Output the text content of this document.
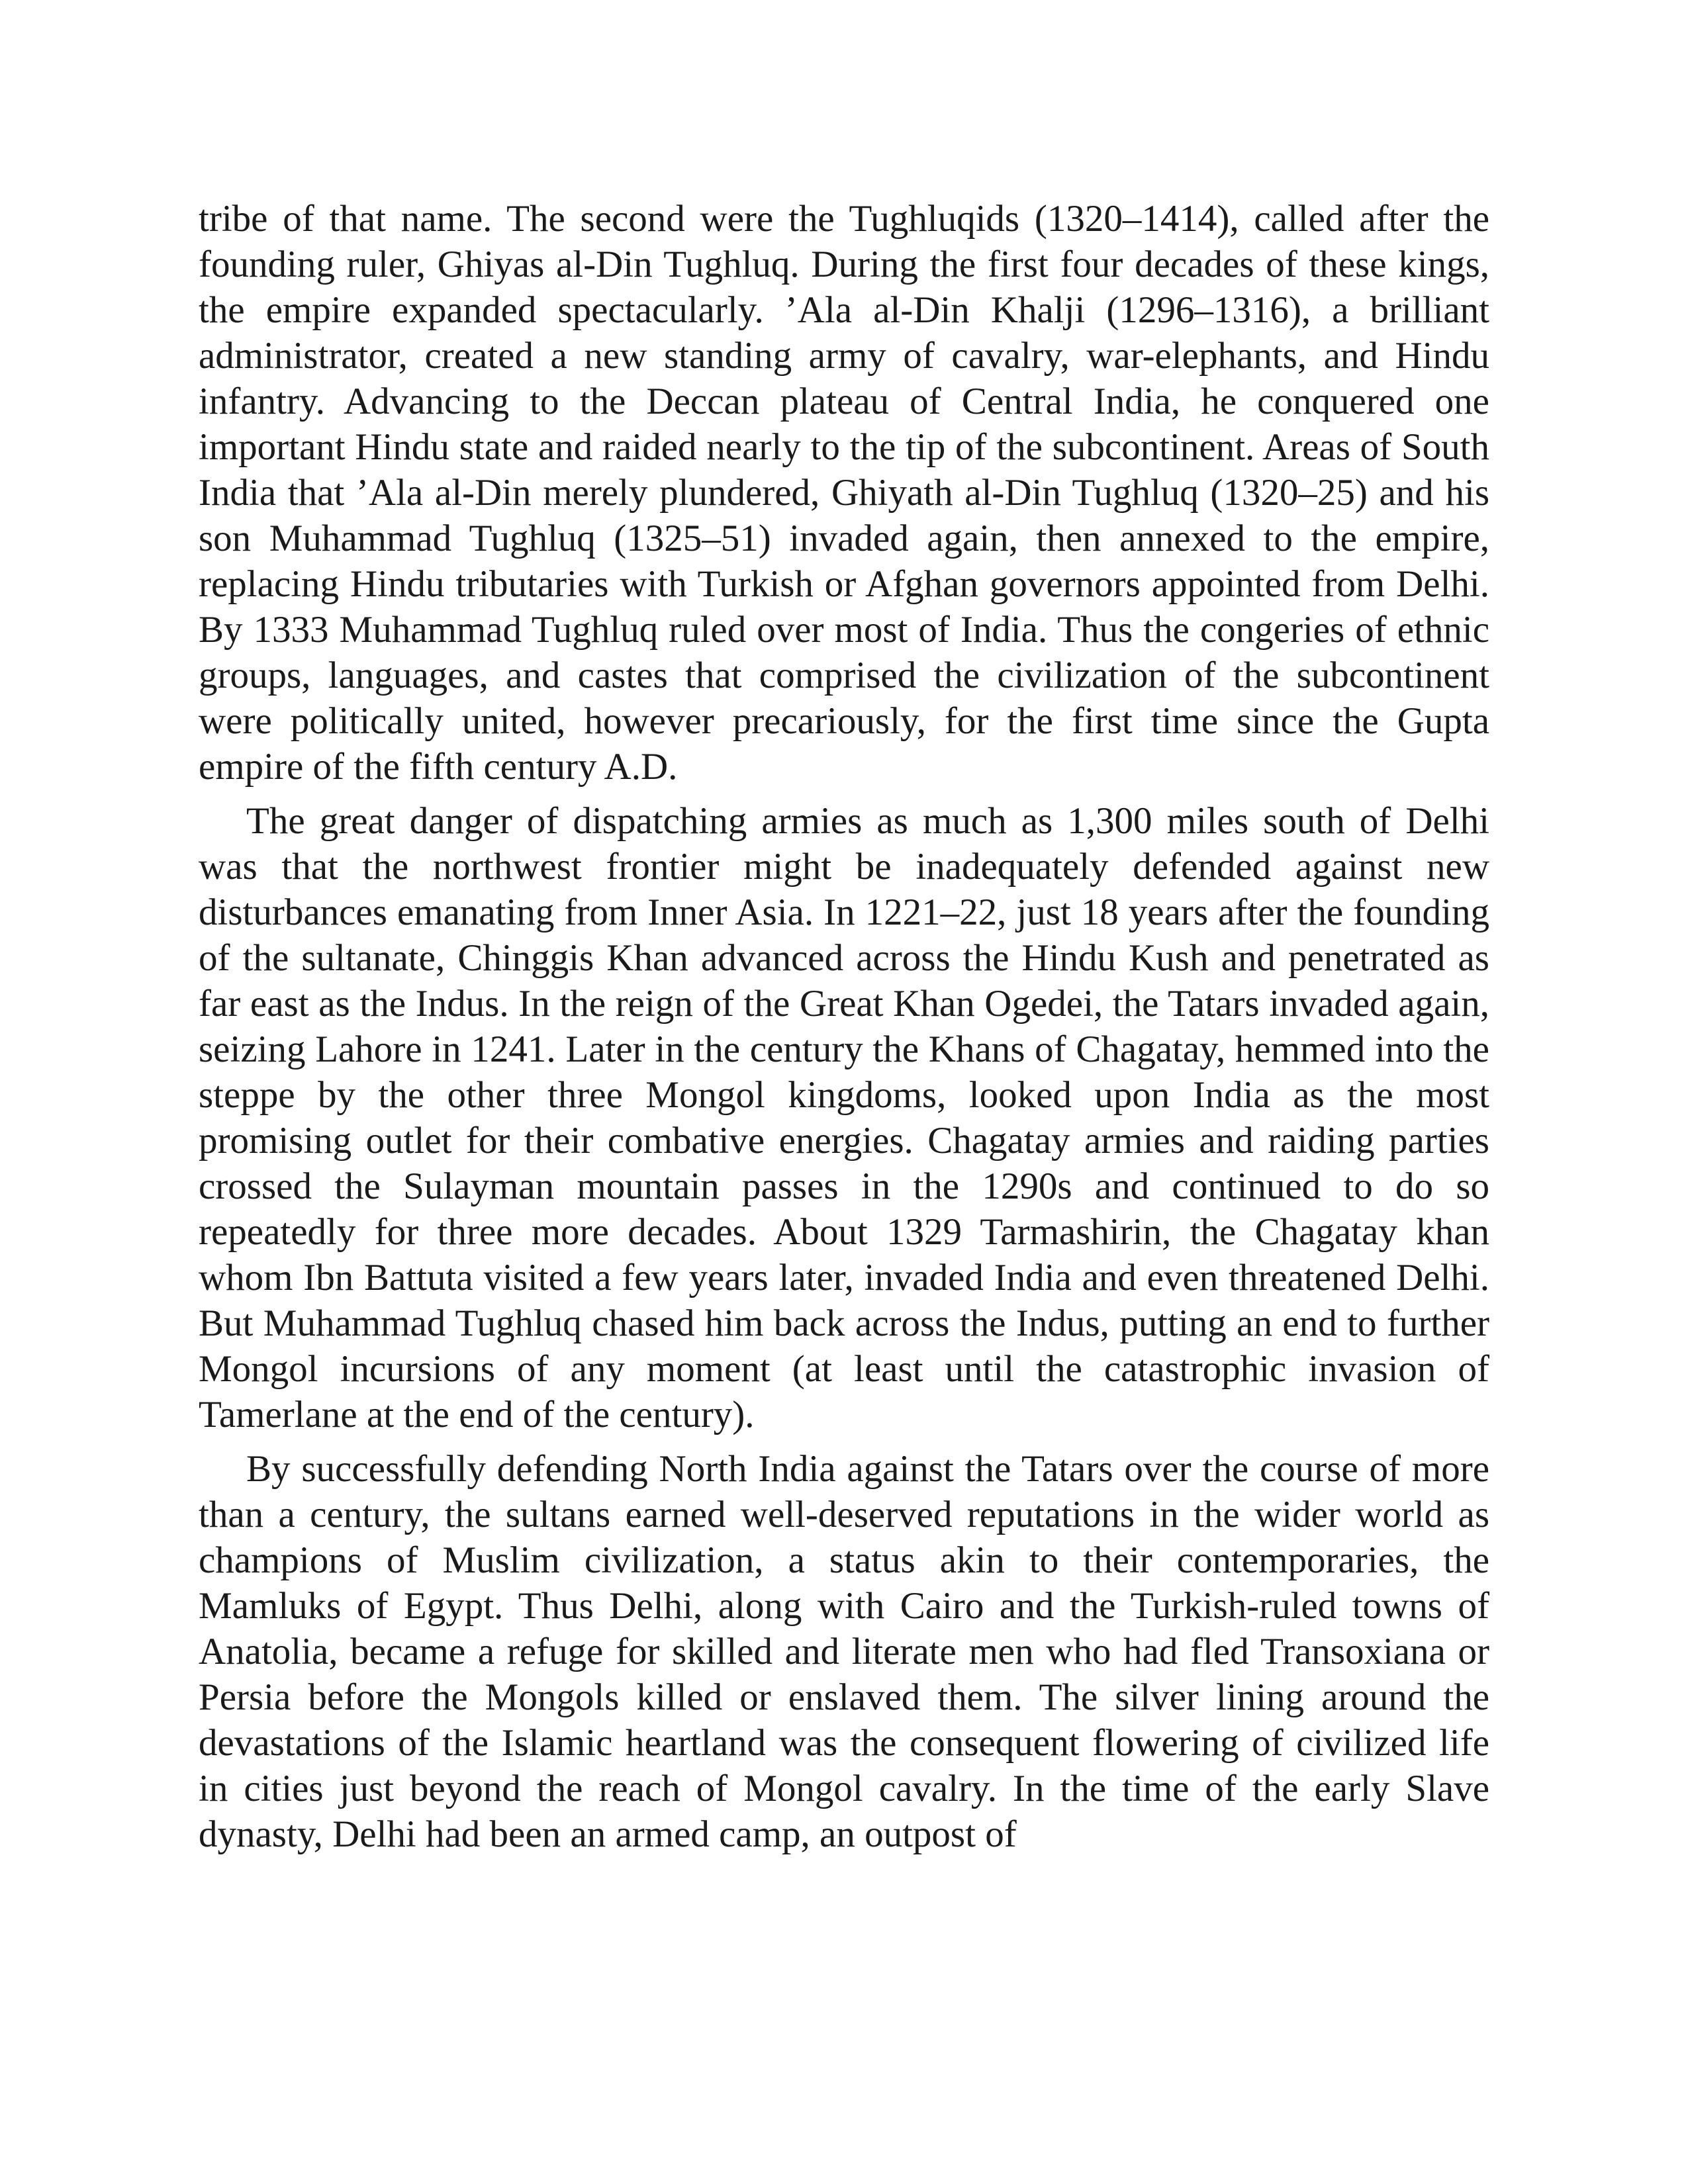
tribe of that name. The second were the Tughluqids (1320–1414), called after the founding ruler, Ghiyas al-Din Tughluq. During the first four decades of these kings, the empire expanded spectacularly. ’Ala al-Din Khalji (1296–1316), a brilliant administrator, created a new standing army of cavalry, war-elephants, and Hindu infantry. Advancing to the Deccan plateau of Central India, he conquered one important Hindu state and raided nearly to the tip of the subcontinent. Areas of South India that ’Ala al-Din merely plundered, Ghiyath al-Din Tughluq (1320–25) and his son Muhammad Tughluq (1325–51) invaded again, then annexed to the empire, replacing Hindu tributaries with Turkish or Afghan governors appointed from Delhi. By 1333 Muhammad Tughluq ruled over most of India. Thus the congeries of ethnic groups, languages, and castes that comprised the civilization of the subcontinent were politically united, however precariously, for the first time since the Gupta empire of the fifth century A.D.

The great danger of dispatching armies as much as 1,300 miles south of Delhi was that the northwest frontier might be inadequately defended against new disturbances emanating from Inner Asia. In 1221–22, just 18 years after the founding of the sultanate, Chinggis Khan advanced across the Hindu Kush and penetrated as far east as the Indus. In the reign of the Great Khan Ogedei, the Tatars invaded again, seizing Lahore in 1241. Later in the century the Khans of Chagatay, hemmed into the steppe by the other three Mongol kingdoms, looked upon India as the most promising outlet for their combative energies. Chagatay armies and raiding parties crossed the Sulayman mountain passes in the 1290s and continued to do so repeatedly for three more decades. About 1329 Tarmashirin, the Chagatay khan whom Ibn Battuta visited a few years later, invaded India and even threatened Delhi. But Muhammad Tughluq chased him back across the Indus, putting an end to further Mongol incursions of any moment (at least until the catastrophic invasion of Tamerlane at the end of the century).

By successfully defending North India against the Tatars over the course of more than a century, the sultans earned well-deserved reputations in the wider world as champions of Muslim civilization, a status akin to their contemporaries, the Mamluks of Egypt. Thus Delhi, along with Cairo and the Turkish-ruled towns of Anatolia, became a refuge for skilled and literate men who had fled Transoxiana or Persia before the Mongols killed or enslaved them. The silver lining around the devastations of the Islamic heartland was the consequent flowering of civilized life in cities just beyond the reach of Mongol cavalry. In the time of the early Slave dynasty, Delhi had been an armed camp, an outpost of
